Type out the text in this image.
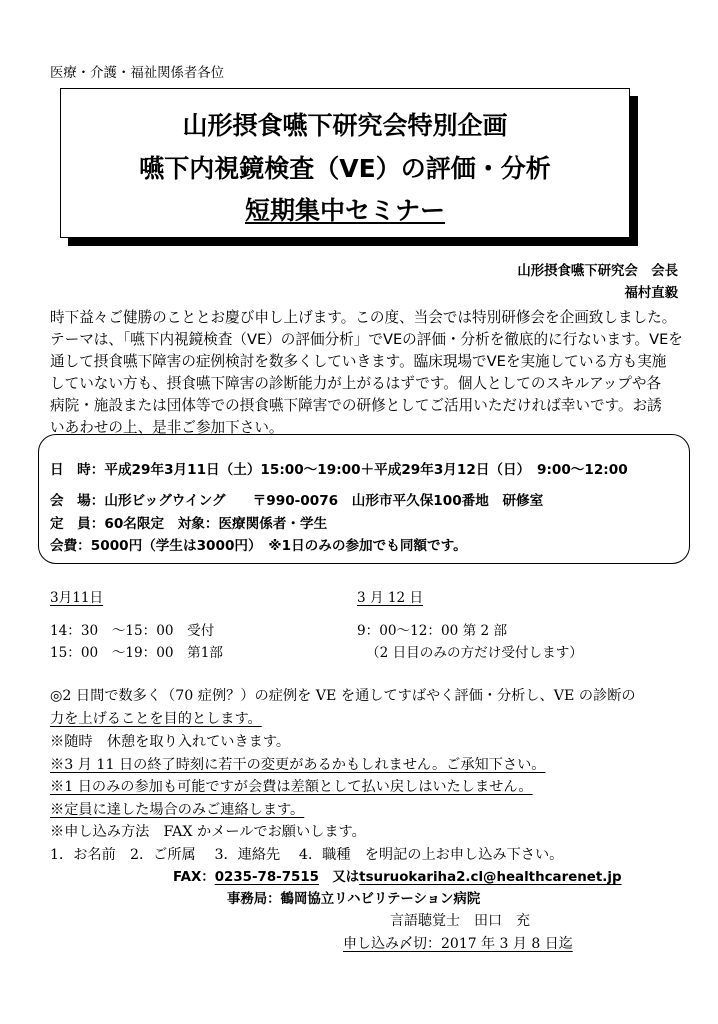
医療・介護・福祉関係者各位
山形摂食嚥下研究会特別企画
嚥下内視鏡検査（VE）の評価・分析
短期集中セミナー
山形摂食嚥下研究会　会長
福村直毅
時下益々ご健勝のこととお慶び申し上げます。この度、当会では特別研修会を企画致しました。
テーマは、「嚥下内視鏡検査（VE）の評価分析」でVEの評価・分析を徹底的に行ないます。VEを
通して摂食嚥下障害の症例検討を数多くしていきます。臨床現場でVEを実施している方も実施
していない方も、摂食嚥下障害の診断能力が上がるはずです。個人としてのスキルアップや各
病院・施設または団体等での摂食嚥下障害での研修としてご活用いただければ幸いです。お誘
いあわせの上、是非ご参加下さい。
日　時：平成29年3月11日（土）15:00〜19:00＋平成29年3月12日（日）　9:00〜12:00
会　場：山形ビッグウイング　　〒990-0076　山形市平久保100番地　研修室
定　員：60名限定　対象：医療関係者・学生
会費：5000円（学生は3000円）　※1日のみの参加でも同額です。
3月11日
14：30　〜15：00　受付
15：00　〜19：00　第1部
3 月 12 日
9：00〜12：00 第 2 部
（2 日目のみの方だけ受付します）
◎2 日間で数多く（70 症例？）の症例を VE を通してすばやく評価・分析し、VE の診断の
力を上げることを目的とします。
※随時　休憩を取り入れていきます。
※3 月 11 日の終了時刻に若干の変更があるかもしれません。ご承知下さい。
※1 日のみの参加も可能ですが会費は差額として払い戻しはいたしません。
※定員に達した場合のみご連絡します。
※申し込み方法　FAX かメールでお願いします。
1．お名前　2．ご所属　 3．連絡先　 4．職種　を明記の上お申し込み下さい。
FAX：0235-78-7515　 又はtsuruokariha2.cl@healthcarenet.jp
事務局：鶴岡協立リハビリテーション病院
言語聴覚士　田口　充
申し込み〆切：2017 年 3 月 8 日迄
